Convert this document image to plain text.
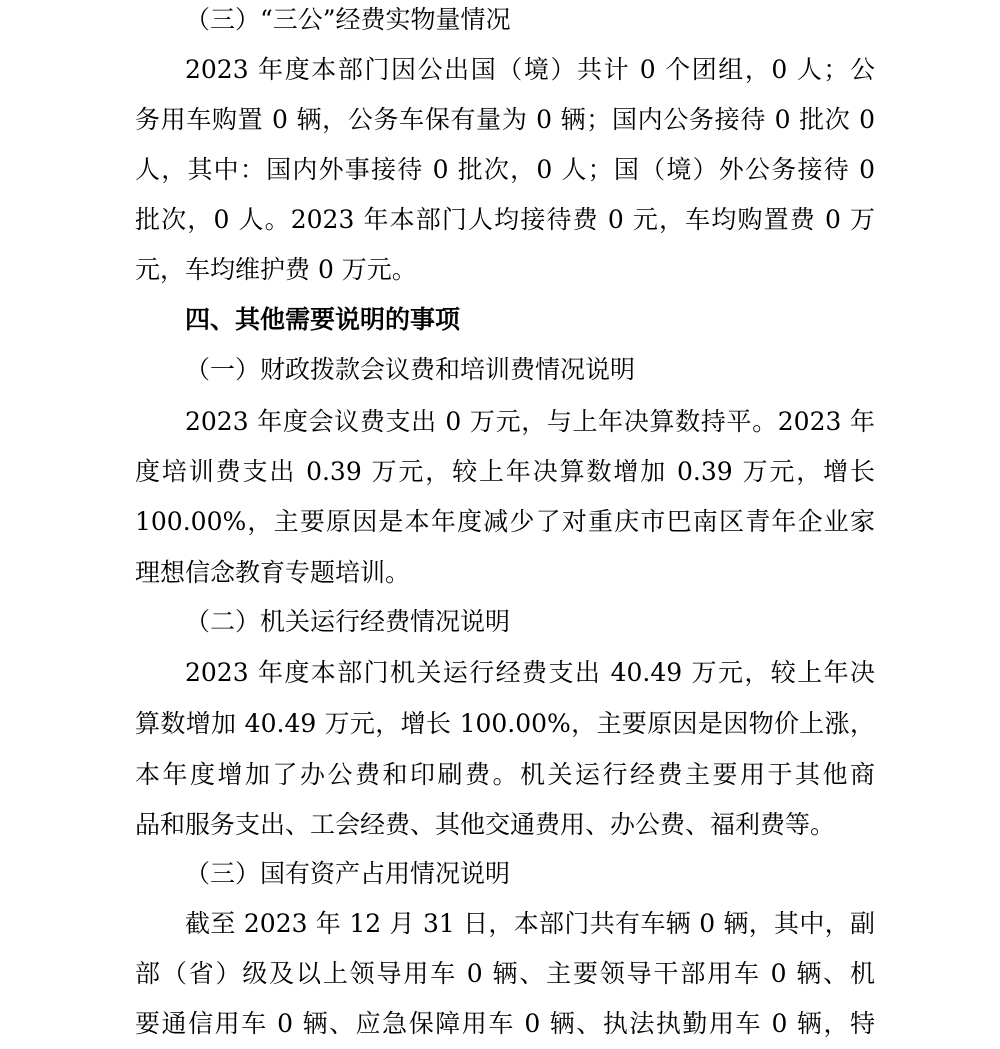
（三）“三公”经费实物量情况
2023 年度本部门因公出国（境）共计 0 个团组，0 人；公
务用车购置 0 辆，公务车保有量为 0 辆；国内公务接待 0 批次 0
人，其中：国内外事接待 0 批次，0 人；国（境）外公务接待 0
批次，0 人。2023 年本部门人均接待费 0 元，车均购置费 0 万
元，车均维护费 0 万元。
四、其他需要说明的事项
（一）财政拨款会议费和培训费情况说明
2023 年度会议费支出 0 万元，与上年决算数持平。2023 年
度培训费支出 0.39 万元，较上年决算数增加 0.39 万元，增长
100.00%，主要原因是本年度减少了对重庆市巴南区青年企业家
理想信念教育专题培训。
（二）机关运行经费情况说明
2023 年度本部门机关运行经费支出 40.49 万元，较上年决
算数增加 40.49 万元，增长 100.00%，主要原因是因物价上涨，
本年度增加了办公费和印刷费。机关运行经费主要用于其他商
品和服务支出、工会经费、其他交通费用、办公费、福利费等。
（三）国有资产占用情况说明
截至 2023 年 12 月 31 日，本部门共有车辆 0 辆，其中，副
部（省）级及以上领导用车 0 辆、主要领导干部用车 0 辆、机
要通信用车 0 辆、应急保障用车 0 辆、执法执勤用车 0 辆，特
